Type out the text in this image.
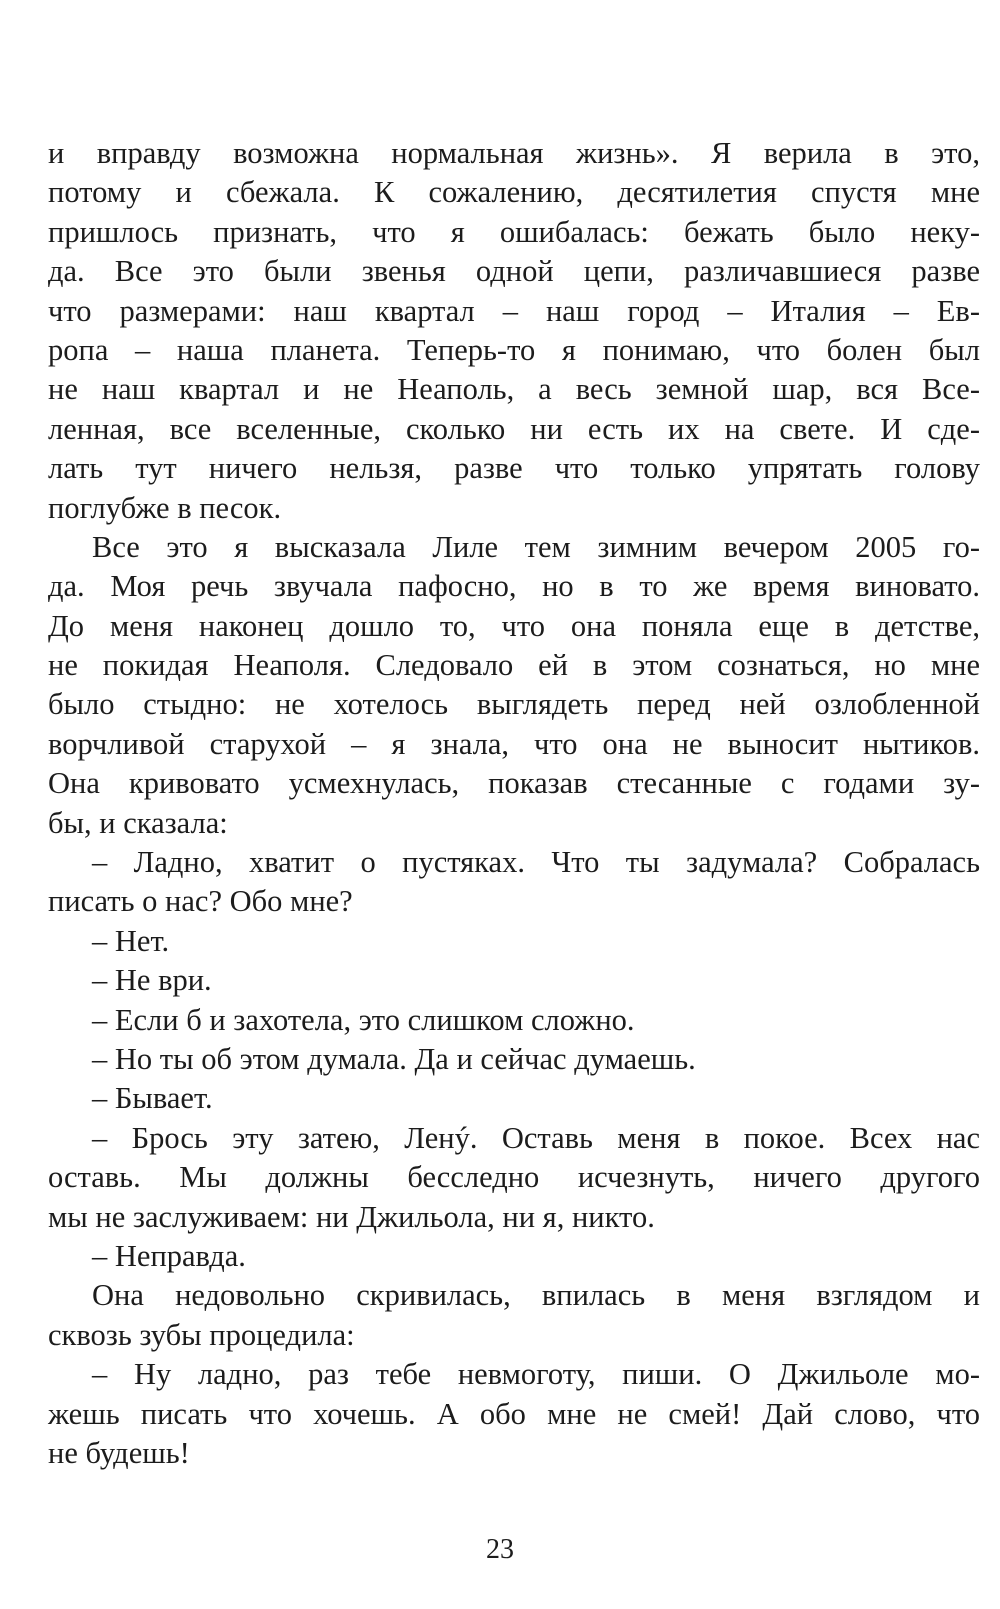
и вправду возможна нормальная жизнь». Я верила в это,
потому и сбежала. К сожалению, десятилетия спустя мне
пришлось признать, что я ошибалась: бежать было неку-
да. Все это были звенья одной цепи, различавшиеся разве
что размерами: наш квартал – наш город – Италия – Ев-
ропа – наша планета. Теперь-то я понимаю, что болен был
не наш квартал и не Неаполь, а весь земной шар, вся Все-
ленная, все вселенные, сколько ни есть их на свете. И сде-
лать тут ничего нельзя, разве что только упрятать голову
поглубже в песок.
Все это я высказала Лиле тем зимним вечером 2005 го-
да. Моя речь звучала пафосно, но в то же время виновато.
До меня наконец дошло то, что она поняла еще в детстве,
не покидая Неаполя. Следовало ей в этом сознаться, но мне
было стыдно: не хотелось выглядеть перед ней озлобленной
ворчливой старухой – я знала, что она не выносит нытиков.
Она кривовато усмехнулась, показав стесанные с годами зу-
бы, и сказала:
– Ладно, хватит о пустяках. Что ты задумала? Собралась
писать о нас? Обо мне?
– Нет.
– Не ври.
– Если б и захотела, это слишком сложно.
– Но ты об этом думала. Да и сейчас думаешь.
– Бывает.
– Брось эту затею, Ленý. Оставь меня в покое. Всех нас
оставь. Мы должны бесследно исчезнуть, ничего другого
мы не заслуживаем: ни Джильола, ни я, никто.
– Неправда.
Она недовольно скривилась, впилась в меня взглядом и
сквозь зубы процедила:
– Ну ладно, раз тебе невмоготу, пиши. О Джильоле мо-
жешь писать что хочешь. А обо мне не смей! Дай слово, что
не будешь!
23
